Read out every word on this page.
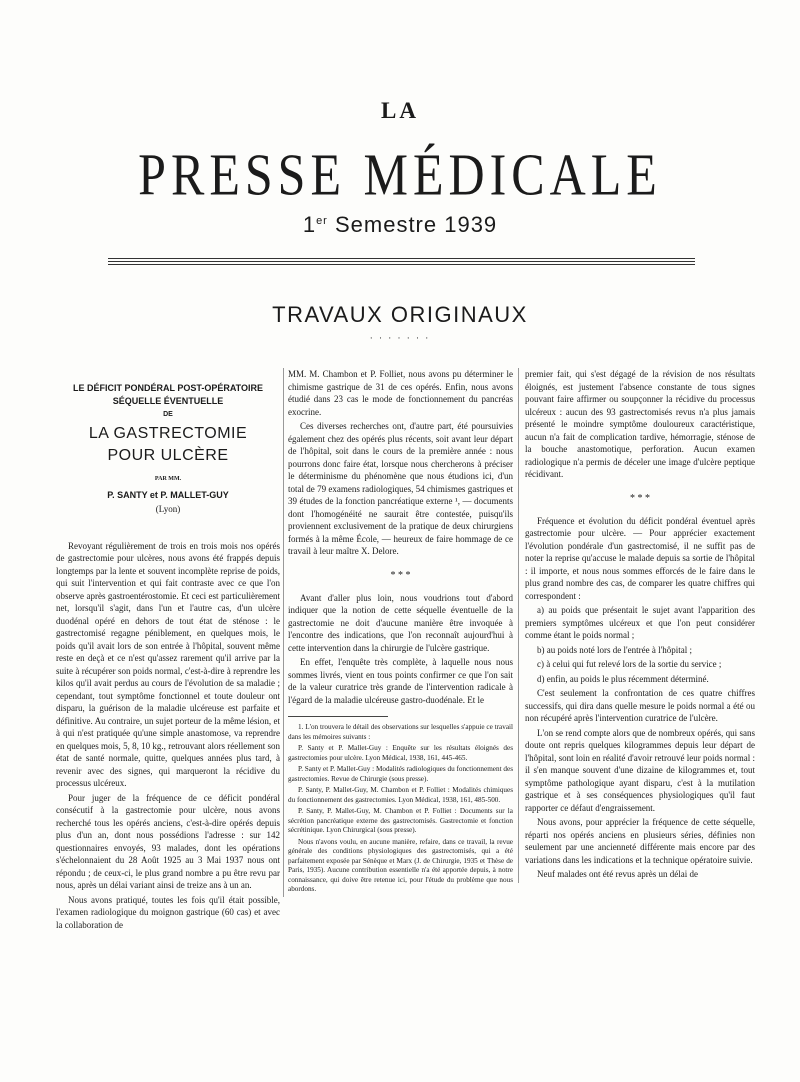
LA
PRESSE MÉDICALE
1er Semestre 1939
TRAVAUX ORIGINAUX
· · · · · · ·
LE DÉFICIT PONDÉRAL POST-OPÉRATOIRE
SÉQUELLE ÉVENTUELLE
DE
LA GASTRECTOMIE
POUR ULCÈRE
PAR MM.
P. SANTY et P. MALLET-GUY
(Lyon)

Revoyant régulièrement de trois en trois mois nos opérés de gastrectomie pour ulcères, nous avons été frappés depuis longtemps par la lente et souvent incomplète reprise de poids, qui suit l'intervention et qui fait contraste avec ce que l'on observe après gastroentérostomie. Et ceci est particulièrement net, lorsqu'il s'agit, dans l'un et l'autre cas, d'un ulcère duodénal opéré en dehors de tout état de sténose : le gastrectomisé regagne péniblement, en quelques mois, le poids qu'il avait lors de son entrée à l'hôpital, souvent même reste en deçà et ce n'est qu'assez rarement qu'il arrive par la suite à récupérer son poids normal, c'est-à-dire à reprendre les kilos qu'il avait perdus au cours de l'évolution de sa maladie ; cependant, tout symptôme fonctionnel et toute douleur ont disparu, la guérison de la maladie ulcéreuse est parfaite et définitive. Au contraire, un sujet porteur de la même lésion, et à qui n'est pratiquée qu'une simple anastomose, va reprendre en quelques mois, 5, 8, 10 kg., retrouvant alors réellement son état de santé normale, quitte, quelques années plus tard, à revenir avec des signes, qui marqueront la récidive du processus ulcéreux.

Pour juger de la fréquence de ce déficit pondéral consécutif à la gastrectomie pour ulcère, nous avons recherché tous les opérés anciens, c'est-à-dire opérés depuis plus d'un an, dont nous possédions l'adresse : sur 142 questionnaires envoyés, 93 malades, dont les opérations s'échelonnaient du 28 Août 1925 au 3 Mai 1937 nous ont répondu ; de ceux-ci, le plus grand nombre a pu être revu par nous, après un délai variant ainsi de treize ans à un an.

Nous avons pratiqué, toutes les fois qu'il était possible, l'examen radiologique du moignon gastrique (60 cas) et avec la collaboration de

MM. M. Chambon et P. Folliet, nous avons pu déterminer le chimisme gastrique de 31 de ces opérés. Enfin, nous avons étudié dans 23 cas le mode de fonctionnement du pancréas exocrine.

Ces diverses recherches ont, d'autre part, été poursuivies également chez des opérés plus récents, soit avant leur départ de l'hôpital, soit dans le cours de la première année : nous pourrons donc faire état, lorsque nous chercherons à préciser le déterminisme du phénomène que nous étudions ici, d'un total de 79 examens radiologiques, 54 chimismes gastriques et 39 études de la fonction pancréatique externe ¹, — documents dont l'homogénéité ne saurait être contestée, puisqu'ils proviennent exclusivement de la pratique de deux chirurgiens formés à la même École, — heureux de faire hommage de ce travail à leur maître X. Delore.

* * *

Avant d'aller plus loin, nous voudrions tout d'abord indiquer que la notion de cette séquelle éventuelle de la gastrectomie ne doit d'aucune manière être invoquée à l'encontre des indications, que l'on reconnaît aujourd'hui à cette intervention dans la chirurgie de l'ulcère gastrique.

En effet, l'enquête très complète, à laquelle nous nous sommes livrés, vient en tous points confirmer ce que l'on sait de la valeur curatrice très grande de l'intervention radicale à l'égard de la maladie ulcéreuse gastro-duodénale. Et le

1. L'on trouvera le détail des observations sur lesquelles s'appuie ce travail dans les mémoires suivants :

P. Santy et P. Mallet-Guy : Enquête sur les résultats éloignés des gastrectomies pour ulcère. Lyon Médical, 1938, 161, 445-465.

P. Santy et P. Mallet-Guy : Modalités radiologiques du fonctionnement des gastrectomies. Revue de Chirurgie (sous presse).

P. Santy, P. Mallet-Guy, M. Chambon et P. Folliet : Modalités chimiques du fonctionnement des gastrectomies. Lyon Médical, 1938, 161, 485-500.

P. Santy, P. Mallet-Guy, M. Chambon et P. Folliet : Documents sur la sécrétion pancréatique externe des gastrectomisés. Gastrectomie et fonction sécrétinique. Lyon Chirurgical (sous presse).

Nous n'avons voulu, en aucune manière, refaire, dans ce travail, la revue générale des conditions physiologiques des gastrectomisés, qui a été parfaitement exposée par Sénèque et Marx (J. de Chirurgie, 1935 et Thèse de Paris, 1935). Aucune contribution essentielle n'a été apportée depuis, à notre connaissance, qui doive être retenue ici, pour l'étude du problème que nous abordons.

premier fait, qui s'est dégagé de la révision de nos résultats éloignés, est justement l'absence constante de tous signes pouvant faire affirmer ou soupçonner la récidive du processus ulcéreux : aucun des 93 gastrectomisés revus n'a plus jamais présenté le moindre symptôme douloureux caractéristique, aucun n'a fait de complication tardive, hémorragie, sténose de la bouche anastomotique, perforation. Aucun examen radiologique n'a permis de déceler une image d'ulcère peptique récidivant.

* * *

Fréquence et évolution du déficit pondéral éventuel après gastrectomie pour ulcère. — Pour apprécier exactement l'évolution pondérale d'un gastrectomisé, il ne suffit pas de noter la reprise qu'accuse le malade depuis sa sortie de l'hôpital : il importe, et nous nous sommes efforcés de le faire dans le plus grand nombre des cas, de comparer les quatre chiffres qui correspondent :

a) au poids que présentait le sujet avant l'apparition des premiers symptômes ulcéreux et que l'on peut considérer comme étant le poids normal ;

b) au poids noté lors de l'entrée à l'hôpital ;

c) à celui qui fut relevé lors de la sortie du service ;

d) enfin, au poids le plus récemment déterminé.

C'est seulement la confrontation de ces quatre chiffres successifs, qui dira dans quelle mesure le poids normal a été ou non récupéré après l'intervention curatrice de l'ulcère.

L'on se rend compte alors que de nombreux opérés, qui sans doute ont repris quelques kilogrammes depuis leur départ de l'hôpital, sont loin en réalité d'avoir retrouvé leur poids normal : il s'en manque souvent d'une dizaine de kilogrammes et, tout symptôme pathologique ayant disparu, c'est à la mutilation gastrique et à ses conséquences physiologiques qu'il faut rapporter ce défaut d'engraissement.

Nous avons, pour apprécier la fréquence de cette séquelle, réparti nos opérés anciens en plusieurs séries, définies non seulement par une ancienneté différente mais encore par des variations dans les indications et la technique opératoire suivie.

Neuf malades ont été revus après un délai de
